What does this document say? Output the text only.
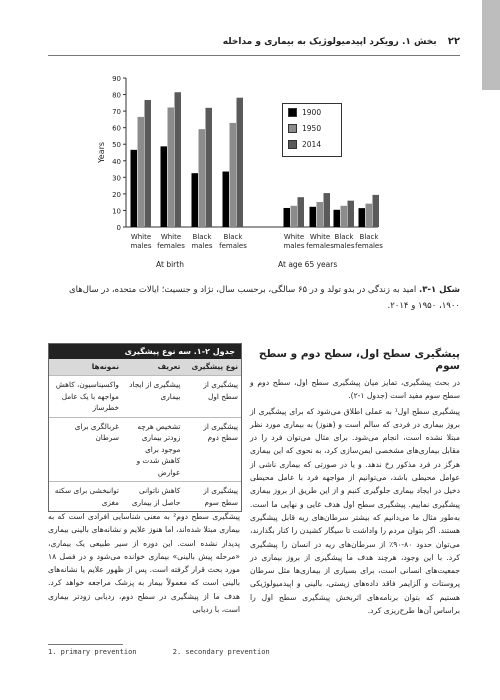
۲۲ بخش ۱. رویکرد اپیدمیولوژیک به بیماری و مداخله
0
10
20
30
40
50
60
70
80
90
Years
White males
White females
Black males
Black females
White males
White females
Black males
Black females
At birth	At age 65 years
1900
1950
2014
شکل ۱-۳. امید به زندگی در بدو تولد و در ۶۵ سالگی، برحسب سال، نژاد و جنسیت؛ ایالات متحده، در سال‌های ۱۹۰۰، ۱۹۵۰ و ۲۰۱۴.
پیشگیری سطح اول، سطح دوم و سطح سوم

در بحث پیشگیری، تمایز میان پیشگیری سطح اول، سطح دوم و سطح سوم مفید است (جدول ۱-۲).

پیشگیری سطح اول¹ به عملی اطلاق می‌شود که برای پیشگیری از بروز بیماری در فردی که سالم است و (هنوز) به بیماری مورد نظر مبتلا نشده است، انجام می‌شود. برای مثال می‌توان فرد را در مقابل بیماری‌های مشخصی ایمن‌سازی کرد، به نحوی که این بیماری هرگز در فرد مذکور رخ ندهد. و یا در صورتی که بیماری ناشی از عوامل محیطی باشد، می‌توانیم از مواجهه فرد با عامل محیطی دخیل در ایجاد بیماری جلوگیری کنیم و از این طریق از بروز بیماری پیشگیری نماییم. پیشگیری سطح اول هدف غایی و نهایی ما است. به‌طور مثال ما می‌دانیم که بیشتر سرطان‌های ریه قابل پیشگیری هستند. اگر بتوان مردم را واداشت تا سیگار کشیدن را کنار بگذارند، می‌توان حدود ۸۰-۹۰٪ از سرطان‌های ریه در انسان را پیشگیری کرد. با این وجود، هرچند هدف ما پیشگیری از بروز بیماری در جمعیت‌های انسانی است، برای بسیاری از بیماری‌ها مثل سرطان پروستات و آلزایمر فاقد داده‌های زیستی، بالینی و اپیدمیولوژیکی هستیم که بتوان برنامه‌های اثربخش پیشگیری سطح اول را براساس آن‌ها طرح‌ریزی کرد.

جدول ۲-۱. سه نوع پیشگیری
نوع پیشگیری	تعریف	نمونه‌ها
پیشگیری از سطح اول	پیشگیری از ایجاد بیماری	واکسیناسیون، کاهش مواجهه با یک عامل خطرساز
پیشگیری از سطح دوم	تشخیص هرچه زودتر بیماری موجود برای کاهش شدت و عوارض	غربالگری برای سرطان
پیشگیری از سطح سوم	کاهش ناتوانی حاصل از بیماری	توانبخشی برای سکته مغزی

پیشگیری سطح دوم² به معنی شناسایی افرادی است که به بیماری مبتلا شده‌اند، اما هنوز علایم و نشانه‌های بالینی بیماری پدیدار نشده است. این دوره از سیر طبیعی یک بیماری، «مرحله پیش بالینی» بیماری خوانده می‌شود و در فصل ۱۸ مورد بحث قرار گرفته است. پس از ظهور علایم یا نشانه‌های بالینی است که معمولاً بیمار به پزشک مراجعه خواهد کرد. هدف ما از پیشگیری در سطح دوم، ردیابی زودتر بیماری است، با ردیابی

1. primary prevention	2. secondary prevention
